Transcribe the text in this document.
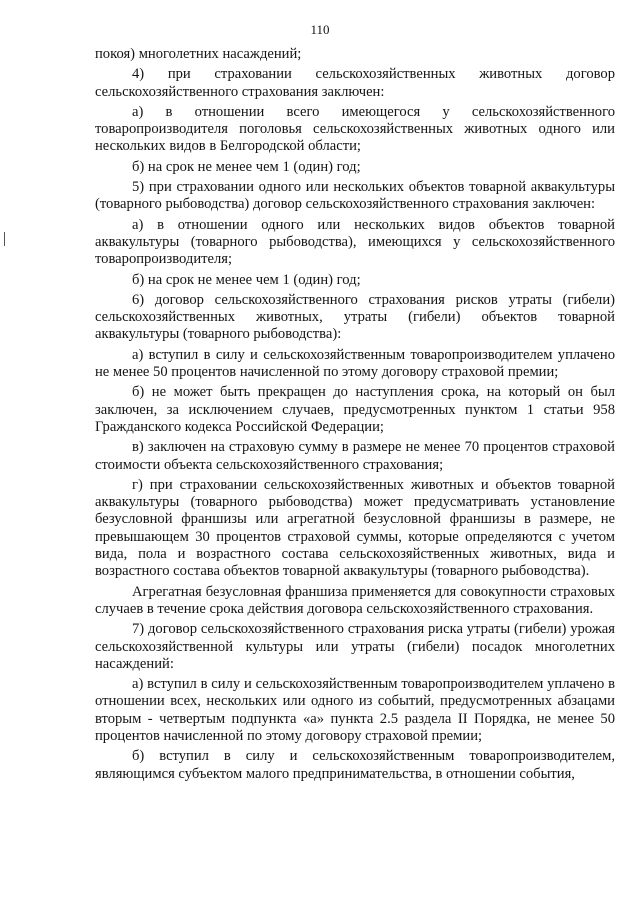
110

покоя) многолетних насаждений;

4) при страховании сельскохозяйственных животных договор сельскохозяйственного страхования заключен:

а) в отношении всего имеющегося у сельскохозяйственного товаропроизводителя поголовья сельскохозяйственных животных одного или нескольких видов в Белгородской области;

б) на срок не менее чем 1 (один) год;

5) при страховании одного или нескольких объектов товарной аквакультуры (товарного рыбоводства) договор сельскохозяйственного страхования заключен:

а) в отношении одного или нескольких видов объектов товарной аквакультуры (товарного рыбоводства), имеющихся у сельскохозяйственного товаропроизводителя;

б) на срок не менее чем 1 (один) год;

6) договор сельскохозяйственного страхования рисков утраты (гибели) сельскохозяйственных животных, утраты (гибели) объектов товарной аквакультуры (товарного рыбоводства):

а) вступил в силу и сельскохозяйственным товаропроизводителем уплачено не менее 50 процентов начисленной по этому договору страховой премии;

б) не может быть прекращен до наступления срока, на который он был заключен, за исключением случаев, предусмотренных пунктом 1 статьи 958 Гражданского кодекса Российской Федерации;

в) заключен на страховую сумму в размере не менее 70 процентов страховой стоимости объекта сельскохозяйственного страхования;

г) при страховании сельскохозяйственных животных и объектов товарной аквакультуры (товарного рыбоводства) может предусматривать установление безусловной франшизы или агрегатной безусловной франшизы в размере, не превышающем 30 процентов страховой суммы, которые определяются с учетом вида, пола и возрастного состава сельскохозяйственных животных, вида и возрастного состава объектов товарной аквакультуры (товарного рыбоводства).

Агрегатная безусловная франшиза применяется для совокупности страховых случаев в течение срока действия договора сельскохозяйственного страхования.

7) договор сельскохозяйственного страхования риска утраты (гибели) урожая сельскохозяйственной культуры или утраты (гибели) посадок многолетних насаждений:

а) вступил в силу и сельскохозяйственным товаропроизводителем уплачено в отношении всех, нескольких или одного из событий, предусмотренных абзацами вторым - четвертым подпункта «а» пункта 2.5 раздела II Порядка, не менее 50 процентов начисленной по этому договору страховой премии;

б) вступил в силу и сельскохозяйственным товаропроизводителем, являющимся субъектом малого предпринимательства, в отношении события,
